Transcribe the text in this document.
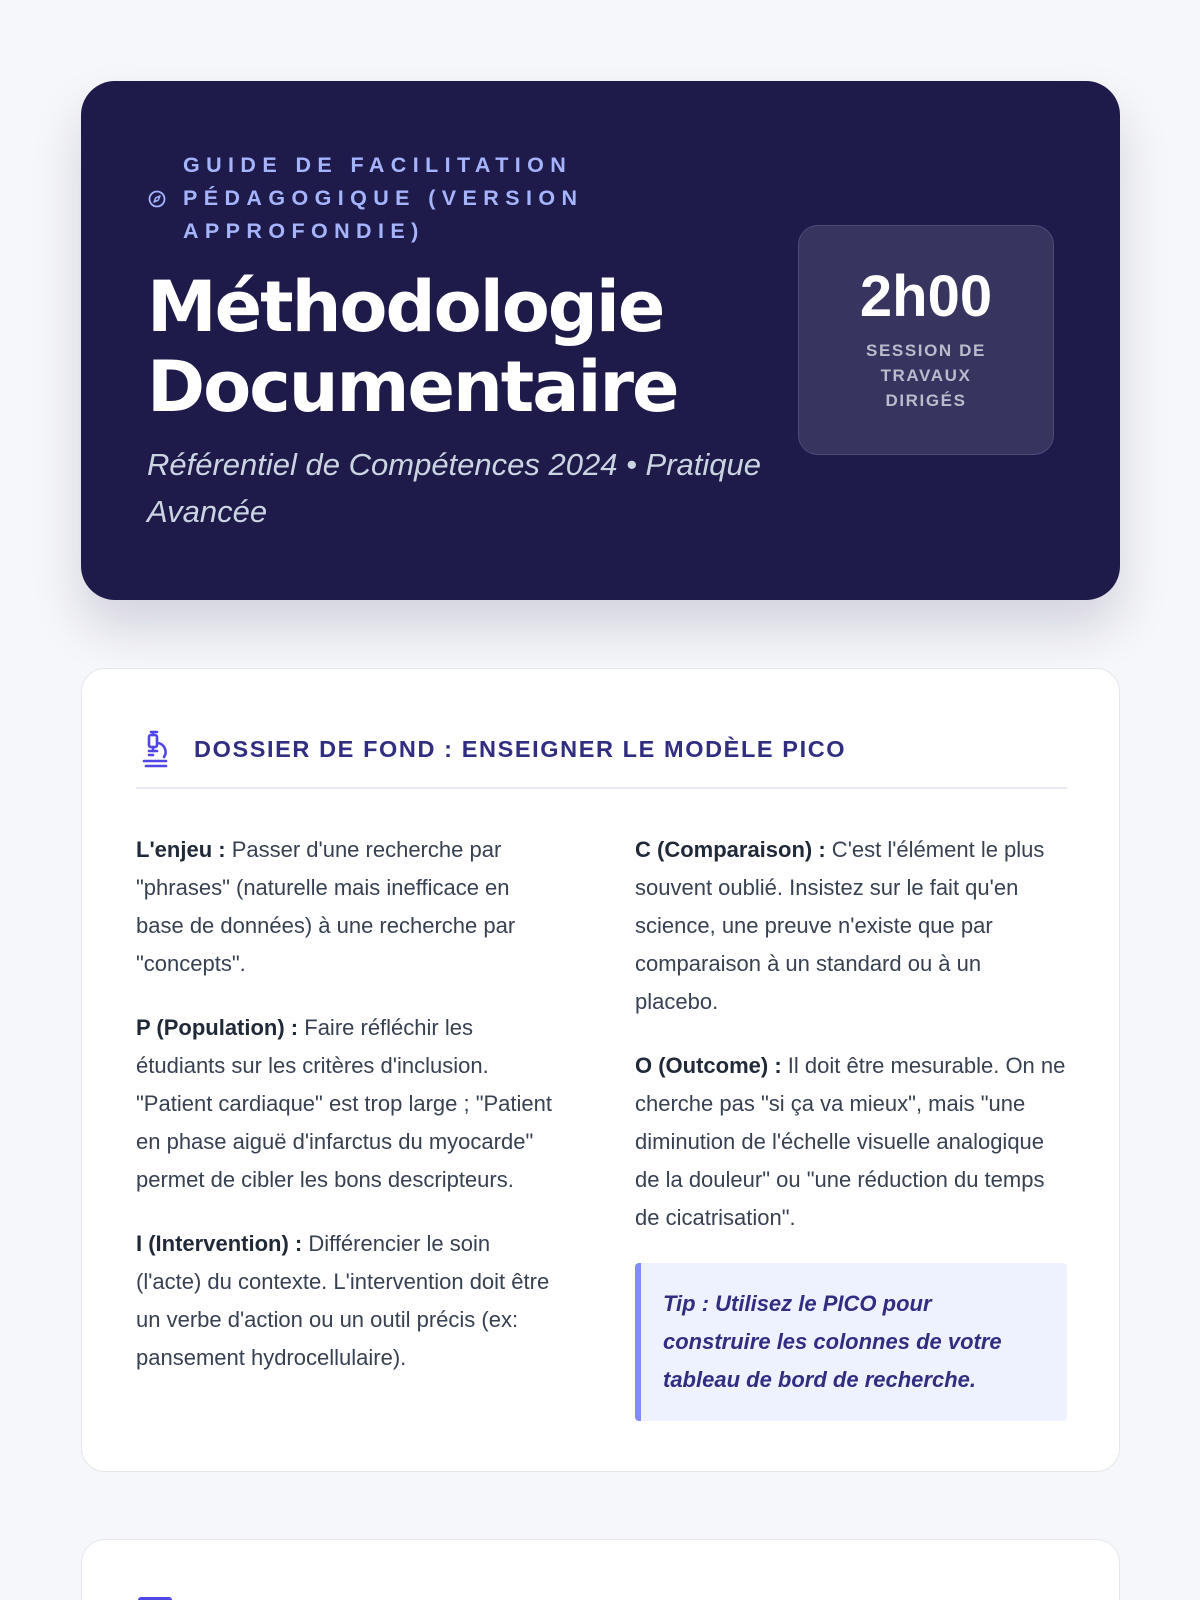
GUIDE DE FACILITATION PÉDAGOGIQUE (VERSION APPROFONDIE)
Méthodologie
Documentaire

Référentiel de Compétences 2024 • Pratique Avancée

2h00
SESSION DE TRAVAUX DIRIGÉS
DOSSIER DE FOND : ENSEIGNER LE MODÈLE PICO

L'enjeu : Passer d'une recherche par "phrases" (naturelle mais inefficace en base de données) à une recherche par "concepts".

P (Population) : Faire réfléchir les étudiants sur les critères d'inclusion. "Patient cardiaque" est trop large ; "Patient en phase aiguë d'infarctus du myocarde" permet de cibler les bons descripteurs.

I (Intervention) : Différencier le soin (l'acte) du contexte. L'intervention doit être un verbe d'action ou un outil précis (ex: pansement hydrocellulaire).

C (Comparaison) : C'est l'élément le plus souvent oublié. Insistez sur le fait qu'en science, une preuve n'existe que par comparaison à un standard ou à un placebo.

O (Outcome) : Il doit être mesurable. On ne cherche pas "si ça va mieux", mais "une diminution de l'échelle visuelle analogique de la douleur" ou "une réduction du temps de cicatrisation".

Tip : Utilisez le PICO pour construire les colonnes de votre tableau de bord de recherche.
